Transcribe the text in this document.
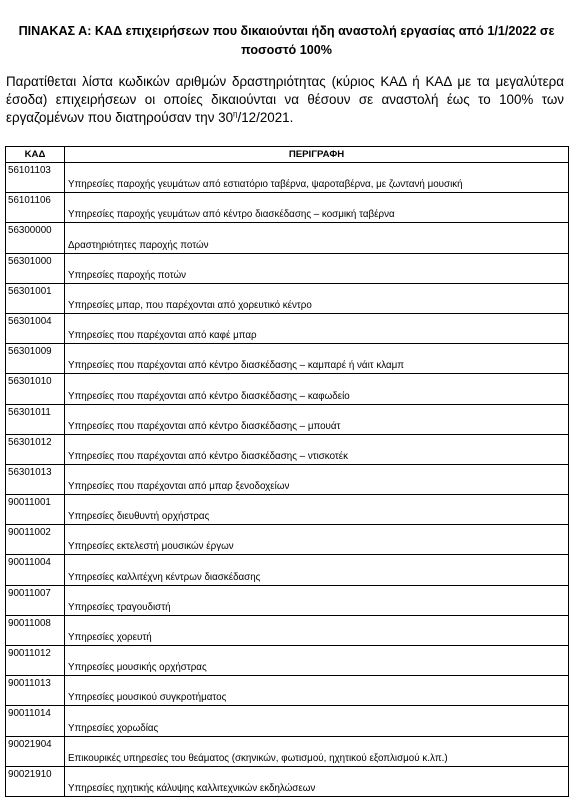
ΠΙΝΑΚΑΣ Α: ΚΑΔ επιχειρήσεων που δικαιούνται ήδη αναστολή εργασίας από 1/1/2022 σε ποσοστό 100%

Παρατίθεται λίστα κωδικών αριθμών δραστηριότητας (κύριος ΚΑΔ ή ΚΑΔ με τα μεγαλύτερα έσοδα) επιχειρήσεων οι οποίες δικαιούνται να θέσουν σε αναστολή έως το 100% των εργαζομένων που διατηρούσαν την $30^\eta/12/2021$.

ΚΑΔ	ΠΕΡΙΓΡΑΦΗ
56101103	Υπηρεσίες παροχής γευμάτων από εστιατόριο ταβέρνα, ψαροταβέρνα, με ζωντανή μουσική
56101106	Υπηρεσίες παροχής γευμάτων από κέντρο διασκέδασης – κοσμική ταβέρνα
56300000	Δραστηριότητες παροχής ποτών
56301000	Υπηρεσίες παροχής ποτών
56301001	Υπηρεσίες μπαρ, που παρέχονται από χορευτικό κέντρο
56301004	Υπηρεσίες που παρέχονται από καφέ μπαρ
56301009	Υπηρεσίες που παρέχονται από κέντρο διασκέδασης – καμπαρέ ή νάιτ κλαμπ
56301010	Υπηρεσίες που παρέχονται από κέντρο διασκέδασης – καφωδείο
56301011	Υπηρεσίες που παρέχονται από κέντρο διασκέδασης – μπουάτ
56301012	Υπηρεσίες που παρέχονται από κέντρο διασκέδασης – ντισκοτέκ
56301013	Υπηρεσίες που παρέχονται από μπαρ ξενοδοχείων
90011001	Υπηρεσίες διευθυντή ορχήστρας
90011002	Υπηρεσίες εκτελεστή μουσικών έργων
90011004	Υπηρεσίες καλλιτέχνη κέντρων διασκέδασης
90011007	Υπηρεσίες τραγουδιστή
90011008	Υπηρεσίες χορευτή
90011012	Υπηρεσίες μουσικής ορχήστρας
90011013	Υπηρεσίες μουσικού συγκροτήματος
90011014	Υπηρεσίες χορωδίας
90021904	Επικουρικές υπηρεσίες του θεάματος (σκηνικών, φωτισμού, ηχητικού εξοπλισμού κ.λπ.)
90021910	Υπηρεσίες ηχητικής κάλυψης καλλιτεχνικών εκδηλώσεων
